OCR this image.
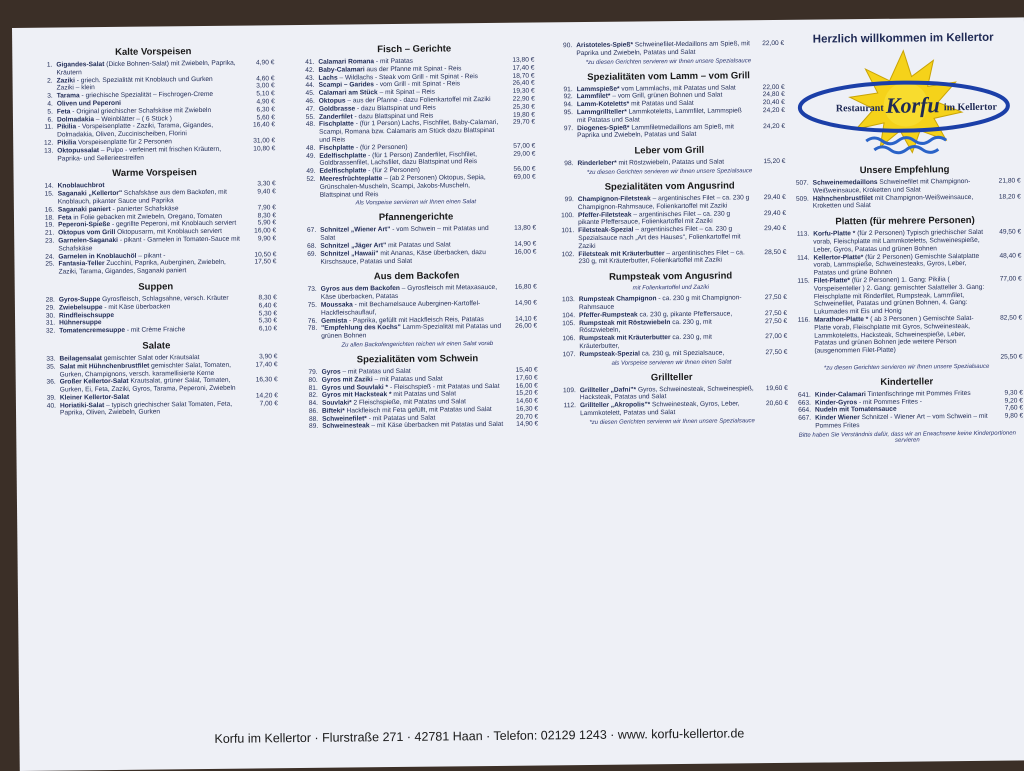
Kalte Vorspeisen
1. Gigandes-Salat (Dicke Bohnen-Salat) mit Zwiebeln, Paprika, Kräutern
4,90 €
2. Zaziki - griech. Spezialität mit Knoblauch und Gurken	4,60 €
Zaziki – klein	3,00 €
3. Tarama - griechische Spezialität – Fischrogen-Creme	5,10 €
4. Oliven und Peperoni	4,90 €
5. Feta - Original griechischer Schafskäse mit Zwiebeln	6,30 €
6. Dolmadakia – Weinblätter – ( 6 Stück )	5,60 €
11. Pikilia - Vorspeisenplatte - Zaziki, Tarama, Gigandes, Dolmadakia, Oliven, Zuccinischeiben, Florini
16,40 €
12. Pikilia Vorspeisenplatte für 2 Personen	31,00 €
13. Oktopussalat – Pulpo - verfeinert mit frischen Kräutern, Paprika- und Sellerieestreifen
10,80 €
Warme Vorspeisen
14. Knoblauchbrot	3,30 €
15. Saganaki „Kellertor" Schafskäse aus dem Backofen, mit Knoblauch, pikanter Sauce und Paprika
9,40 €
16. Saganaki paniert - panierter Schafskäse	7,90 €
18. Feta in Folie gebacken mit Zwiebeln, Oregano, Tomaten	8,30 €
19. Peperoni-Spieße - gegrillte Peperoni, mit Knoblauch serviert	5,90 €
21. Oktopus vom Grill Oktopusarm, mit Knoblauch serviert	16,00 €
23. Garnelen-Saganaki - pikant - Garnelen in Tomaten-Sauce mit Schafskäse
9,90 €
24. Garnelen in Knoblauchöl – pikant -	10,50 €
25. Fantasia-Teller Zucchini, Paprika, Auberginen, Zwiebeln, Zaziki, Tarama, Gigandes, Saganaki paniert
17,50 €
Suppen
28. Gyros-Suppe Gyrosfleisch, Schlagsahne, versch. Kräuter	8,30 €
29. Zwiebelsuppe - mit Käse überbacken	6,40 €
30. Rindfleischsuppe	5,30 €
31. Hühnersuppe	5,30 €
32. Tomatencremesuppe - mit Crème Fraiche	6,10 €
Salate
33. Beilagensalat gemischter Salat oder Krautsalat	3,90 €
35. Salat mit Hühnchenbrustfilet gemischter Salat, Tomaten, Gurken, Champignons, versch. karamellisierte Kerne
17,40 €
36. Großer Kellertor-Salat Krautsalat, grüner Salat, Tomaten, Gurken, Ei, Feta, Zaziki, Gyros, Tarama, Peperoni, Zwiebeln
16,30 €
39. Kleiner Kellertor-Salat	14,20 €
40. Horiatiki-Salat – typisch griechischer Salat Tomaten, Feta, Paprika, Oliven, Zwiebeln, Gurken
7,00 €
Fisch – Gerichte
41. Calamari Romana - mit Patatas	13,80 €
42. Baby-Calamari aus der Pfanne mit Spinat - Reis	17,40 €
43. Lachs – Wildlachs - Steak vom Grill - mit Spinat - Reis	18,70 €
44. Scampi – Garides - vom Grill - mit Spinat - Reis	26,40 €
45. Calamari am Stück – mit Spinat – Reis	19,30 €
46. Oktopus – aus der Pfanne - dazu Folienkartoffel mit Zaziki	22,90 €
47. Goldbrasse - dazu Blattspinat und Reis	25,30 €
55. Zanderfilet - dazu Blattspinat und Reis	19,80 €
48. Fischplatte - (für 1 Person) Lachs, Fischfilet, Baby-Calamari, Scampi, Romana bzw. Calamaris am Stück dazu Blattspinat und Reis
29,70 €
48. Fischplatte - (für 2 Personen)	57,00 €
49. Edelfischplatte - (für 1 Person) Zanderfilet, Fischfilet, Goldbrassenfilet, Lachsfilet, dazu Blattspinat und Reis
29,00 €
49. Edelfischplatte - (für 2 Personen)	56,00 €
52. Meeresfrüchteplatte – (ab 2 Personen) Oktopus, Sepia, Grünschalen-Muscheln, Scampi, Jakobs-Muscheln, Blattspinat und Reis
69,00 €
Als Vorspeise servieren wir Ihnen einen Salat
Pfannengerichte
67. Schnitzel „Wiener Art" - vom Schwein – mit Patatas und Salat
13,80 €
68. Schnitzel „Jäger Art" mit Patatas und Salat	14,90 €
69. Schnitzel „Hawaii" mit Ananas, Käse überbacken, dazu Kirschsauce, Patatas und Salat
16,00 €
Aus dem Backofen
73. Gyros aus dem Backofen – Gyrosfleisch mit Metaxasauce, Käse überbacken, Patatas
16,80 €
75. Moussaka - mit Bechamelsauce Auberginen-Kartoffel-Hackfleischauflauf,
14,90 €
76. Gemista - Paprika, gefüllt mit Hackfleisch Reis, Patatas	14,10 €
78. "Empfehlung des Kochs" Lamm-Spezialität mit Patatas und grünen Bohnen
26,00 €
Zu allen Backofengerichten reichen wir einen Salat vorab
Spezialitäten vom Schwein
79. Gyros – mit Patatas und Salat	15,40 €
80. Gyros mit Zaziki – mit Patatas und Salat	17,60 €
81. Gyros und Souvlaki * - Fleischspieß - mit Patatas und Salat	16,00 €
82. Gyros mit Hacksteak * mit Patatas und Salat	15,20 €
84. Souvlaki* 2 Fleischspieße, mit Patatas und Salat	14,60 €
86. Bifteki* Hackfleisch mit Feta gefüllt, mit Patatas und Salat	16,30 €
88. Schweinefilet* - mit Patatas und Salat	20,70 €
89. Schweinesteak – mit Käse überbacken mit Patatas und Salat	14,90 €
90. Aristoteles-Spieß* Schweinefilet-Medaillons am Spieß, mit Paprika und Zwiebeln, Patatas und Salat
22,00 €
*zu diesen Gerichten servieren wir Ihnen unsere Spezialsauce
Spezialitäten vom Lamm – vom Grill
91. Lammspieße* vom Lammlachs, mit Patatas und Salat	22,00 €
92. Lammfilet* – vom Grill, grünen Bohnen und Salat	24,80 €
94. Lamm-Koteletts* mit Patatas und Salat	20,40 €
95. Lammgrillteller* Lammkoteletts, Lammfilet, Lammspieß mit Patatas und Salat
24,20 €
97. Diogenes-Spieß* Lammfiletmedaillons am Spieß, mit Paprika und Zwiebeln, Patatas und Salat
24,20 €
Leber vom Grill
98. Rinderleber* mit Röstzwiebeln, Patatas und Salat	15,20 €
*zu diesen Gerichten servieren wir Ihnen unsere Spezialsauce
Spezialitäten vom Angusrind
99. Champignon-Filetsteak – argentinisches Filet – ca. 230 g Champignon-Rahmsauce, Folienkartoffel mit Zaziki
29,40 €
100. Pfeffer-Filetsteak – argentinisches Filet – ca. 230 g pikante Pfeffersauce, Folienkartoffel mit Zaziki
29,40 €
101. Filetsteak-Spezial – argentinisches Filet – ca. 230 g Spezialsauce nach „Art des Hauses", Folienkartoffel mit Zaziki
29,40 €
102. Filetsteak mit Kräuterbutter – argentinisches Filet – ca. 230 g, mit Kräuterbutter, Folienkartoffel mit Zaziki
28,50 €
Rumpsteak vom Angusrind
mit Folienkartoffel und Zaziki
103. Rumpsteak Champignon - ca. 230 g mit Champignon-Rahmsauce
27,50 €
104. Pfeffer-Rumpsteak ca. 230 g, pikante Pfeffersauce,	27,50 €
105. Rumpsteak mit Röstzwiebeln ca. 230 g, mit Röstzwiebeln,
27,50 €
106. Rumpsteak mit Kräuterbutter ca. 230 g, mit Kräuterbutter,
27,00 €
107. Rumpsteak-Spezial ca. 230 g, mit Spezialsauce,	27,50 €
als Vorspeise servieren wir Ihnen einen Salat
Grillteller
109. Grillteller „Dafni"* Gyros, Schweinesteak, Schweinespieß, Hacksteak, Patatas und Salat
19,60 €
112. Grillteller „Akropolis"* Schweinesteak, Gyros, Leber, Lammkotelett, Patatas und Salat
20,60 €
*zu diesen Gerichten servieren wir Ihnen unsere Spezialsauce
Herzlich willkommen im Kellertor
Restaurant Korfu im Kellertor
Unsere Empfehlung
507. Schweinemedaillons Schweinefilet mit Champignon-Weißweinsauce, Kroketten und Salat
21,80 €
509. Hähnchenbrustfilet mit Champignon-Weißweinsauce, Kroketten und Salat
18,20 €
Platten (für mehrere Personen)
113. Korfu-Platte * (für 2 Personen) Typisch griechischer Salat vorab, Fleischplatte mit Lammkoteletts, Schweinespieße, Leber, Gyros, Patatas und grünen Bohnen
49,50 €
114. Kellertor-Platte* (für 2 Personen) Gemischte Salatplatte vorab, Lammspieße, Schweinesteaks, Gyros, Leber, Patatas und grüne Bohnen
48,40 €
115. Filet-Platte* (für 2 Personen) 1. Gang: Pikilia ( Vorspeisenteller ) 2. Gang: gemischter Salatteller 3. Gang: Fleischplatte mit Rinderfilet, Rumpsteak, Lammfilet, Schweinefilet, Patatas und grünen Bohnen, 4. Gang: Lukumades mit Eis und Honig
77,00 €
116. Marathon-Platte * ( ab 3 Personen ) Gemischte Salat-Platte vorab, Fleischplatte mit Gyros, Schweinesteak, Lammkoteletts, Hacksteak, Schweinespieße, Leber, Patatas und grünen Bohnen jede weitere Person (ausgenommen Filet-Platte)
82,50 €
25,50 €
*zu diesen Gerichten servieren wir Ihnen unsere Spezialsauce
Kinderteller
641. Kinder-Calamari Tintenfischringe mit Pommes Frites	9,30 €
663. Kinder-Gyros - mit Pommes Frites -	9,20 €
664. Nudeln mit Tomatensauce	7,60 €
667. Kinder Wiener Schnitzel - Wiener Art – vom Schwein – mit Pommes Frites
9,80 €
Bitte haben Sie Verständnis dafür, dass wir an Erwachsene keine Kinderportionen servieren
Korfu im Kellertor · Flurstraße 271 · 42781 Haan · Telefon: 02129 1243 · www. korfu-kellertor.de
